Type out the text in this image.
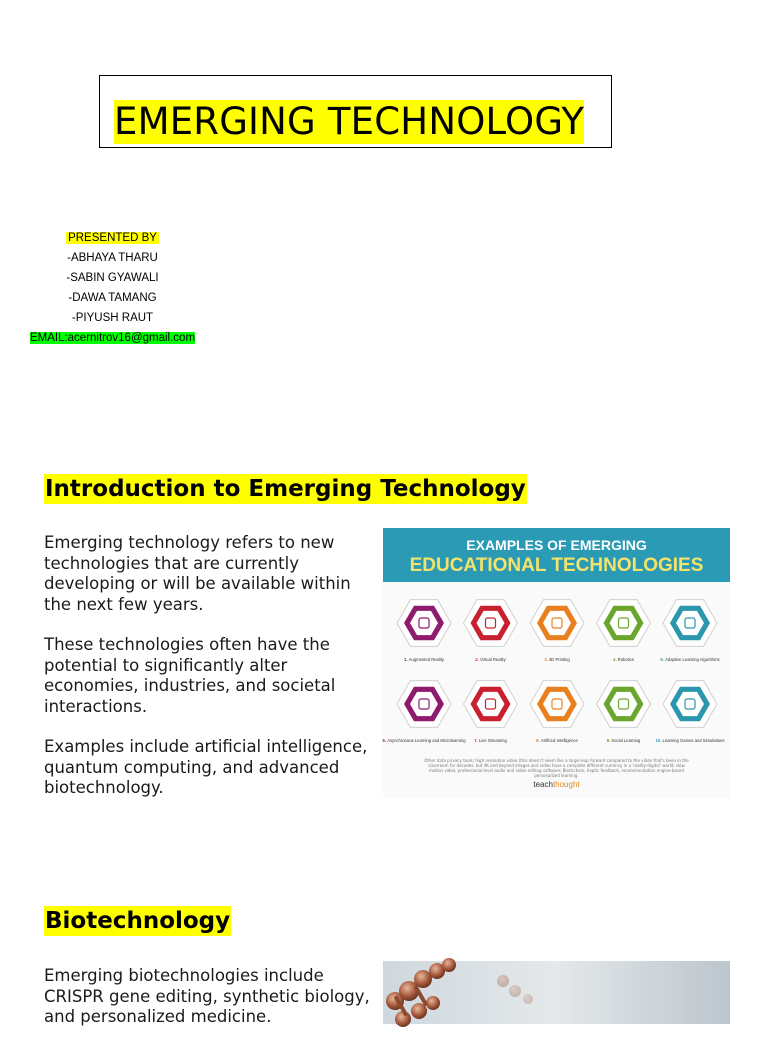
EMERGING TECHNOLOGY
PRESENTED BY
-ABHAYA THARU
-SABIN GYAWALI
-DAWA TAMANG
-PIYUSH RAUT
EMAIL:acernitrov16@gmail.com
Introduction to Emerging Technology

Emerging technology refers to new technologies that are currently developing or will be available within the next few years.

These technologies often have the potential to significantly alter economies, industries, and societal interactions.

Examples include artificial intelligence, quantum computing, and advanced biotechnology.

EXAMPLES OF EMERGING
EDUCATIONAL TECHNOLOGIES
1. Augmented Reality	2. Virtual Reality	3. 3D Printing	4. Robotics	5. Adaptive Learning Algorithms
6. Asynchronous Learning and Microlearning 7. Live Streaming	8. Artificial Intelligence	9. Social Learning	10. Learning Games and Simulations
Other data privacy tools; high resolution video (this doesn't seem like a large leap forward compared to the video that's been in the classroom for decades, but 4K and beyond images and video have a complete different currency in a 'reality-digital' world; slow motion video; professional-level audio and video editing software; Blockchain, haptic feedback, recommendation engine-based personalized learning.
teachthought
Biotechnology

Emerging biotechnologies include CRISPR gene editing, synthetic biology, and personalized medicine.
